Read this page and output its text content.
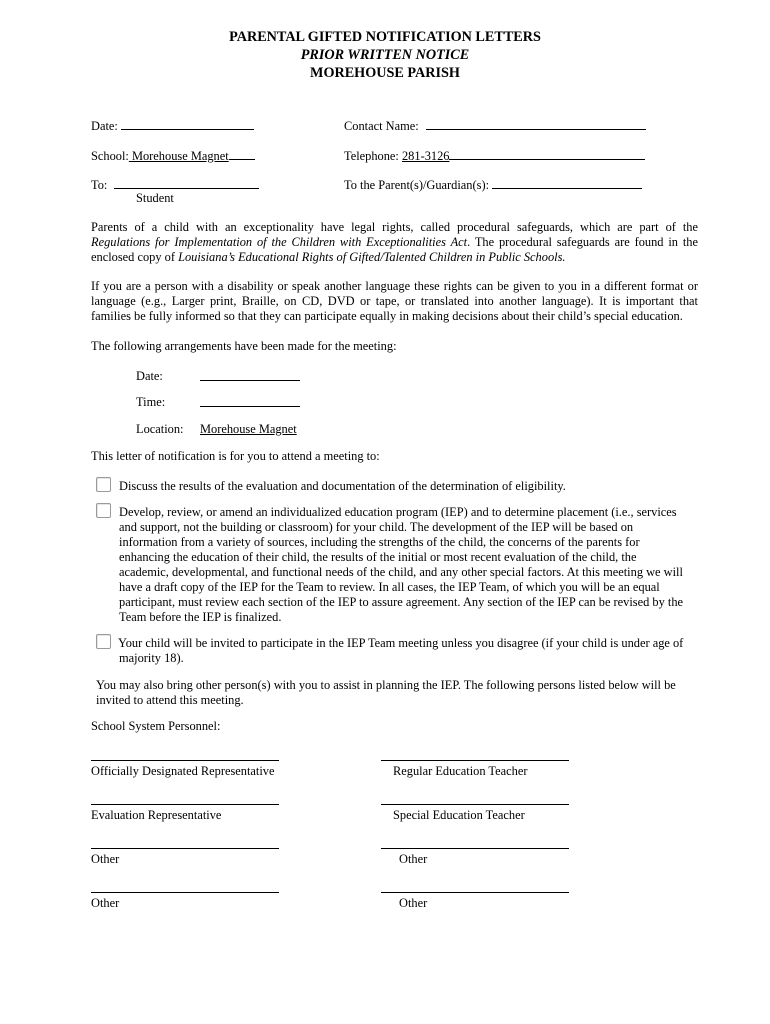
PARENTAL GIFTED NOTIFICATION LETTERS
PRIOR WRITTEN NOTICE
MOREHOUSE PARISH
Date:	Contact Name:
School: Morehouse Magnet	Telephone: 281-3126
To:
Student
To the Parent(s)/Guardian(s):
Parents of a child with an exceptionality have legal rights, called procedural safeguards, which are part of the
Regulations for Implementation of the Children with Exceptionalities Act. The procedural safeguards are found in the
enclosed copy of Louisiana’s Educational Rights of Gifted/Talented Children in Public Schools.
If you are a person with a disability or speak another language these rights can be given to you in a different format or language (e.g., Larger print, Braille, on CD, DVD or tape, or translated into another language). It is important that families be fully informed so that they can participate equally in making decisions about their child’s special education.
The following arrangements have been made for the meeting:
Date:
Time:
Location: Morehouse Magnet
This letter of notification is for you to attend a meeting to:
Discuss the results of the evaluation and documentation of the determination of eligibility.
Develop, review, or amend an individualized education program (IEP) and to determine placement (i.e., services
and support, not the building or classroom) for your child. The development of the IEP will be based on
information from a variety of sources, including the strengths of the child, the concerns of the parents for
enhancing the education of their child, the results of the initial or most recent evaluation of the child, the
academic, developmental, and functional needs of the child, and any other special factors. At this meeting we will
have a draft copy of the IEP for the Team to review. In all cases, the IEP Team, of which you will be an equal
participant, must review each section of the IEP to assure agreement. Any section of the IEP can be revised by the
Team before the IEP is finalized.
Your child will be invited to participate in the IEP Team meeting unless you disagree (if your child is under age of
majority 18).
You may also bring other person(s) with you to assist in planning the IEP. The following persons listed below will be
invited to attend this meeting.
School System Personnel:
Officially Designated Representative	Regular Education Teacher
Evaluation Representative	Special Education Teacher
Other	Other
Other	Other
